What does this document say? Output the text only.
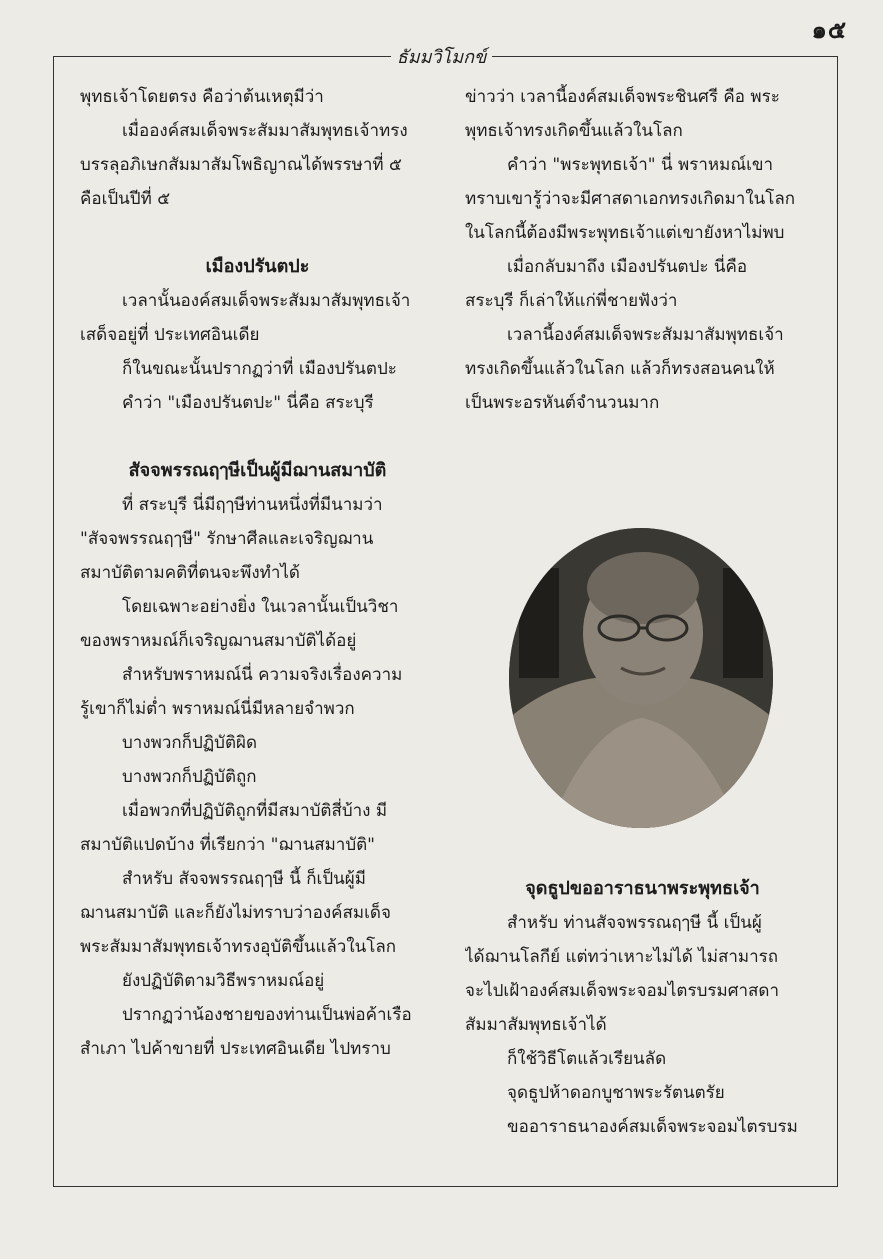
๑๕
ธัมมวิโมกข์
พุทธเจ้าโดยตรง คือว่าต้นเหตุมีว่า
เมื่อองค์สมเด็จพระสัมมาสัมพุทธเจ้าทรง
บรรลุอภิเษกสัมมาสัมโพธิญาณได้พรรษาที่ ๕
คือเป็นปีที่ ๕
เมืองปรันตปะ
เวลานั้นองค์สมเด็จพระสัมมาสัมพุทธเจ้า
เสด็จอยู่ที่ ประเทศอินเดีย
ก็ในขณะนั้นปรากฏว่าที่ เมืองปรันตปะ
คำว่า "เมืองปรันตปะ" นี่คือ สระบุรี
สัจจพรรณฤๅษีเป็นผู้มีฌานสมาบัติ
ที่ สระบุรี นี่มีฤๅษีท่านหนึ่งที่มีนามว่า
"สัจจพรรณฤๅษี" รักษาศีลและเจริญฌาน
สมาบัติตามคติที่ตนจะพึงทำได้
โดยเฉพาะอย่างยิ่ง ในเวลานั้นเป็นวิชา
ของพราหมณ์ก็เจริญฌานสมาบัติได้อยู่
สำหรับพราหมณ์นี่ ความจริงเรื่องความ
รู้เขาก็ไม่ต่ำ พราหมณ์นี่มีหลายจำพวก
บางพวกก็ปฏิบัติผิด
บางพวกก็ปฏิบัติถูก
เมื่อพวกที่ปฏิบัติถูกที่มีสมาบัติสี่บ้าง มี
สมาบัติแปดบ้าง ที่เรียกว่า "ฌานสมาบัติ"
สำหรับ สัจจพรรณฤๅษี นี้ ก็เป็นผู้มี
ฌานสมาบัติ และก็ยังไม่ทราบว่าองค์สมเด็จ
พระสัมมาสัมพุทธเจ้าทรงอุบัติขึ้นแล้วในโลก
ยังปฏิบัติตามวิธีพราหมณ์อยู่
ปรากฏว่าน้องชายของท่านเป็นพ่อค้าเรือ
สำเภา ไปค้าขายที่ ประเทศอินเดีย ไปทราบ
ข่าวว่า เวลานี้องค์สมเด็จพระชินศรี คือ พระ
พุทธเจ้าทรงเกิดขึ้นแล้วในโลก
คำว่า "พระพุทธเจ้า" นี่ พราหมณ์เขา
ทราบเขารู้ว่าจะมีศาสดาเอกทรงเกิดมาในโลก
ในโลกนี้ต้องมีพระพุทธเจ้าแต่เขายังหาไม่พบ
เมื่อกลับมาถึง เมืองปรันตปะ นี่คือ
สระบุรี ก็เล่าให้แก่พี่ชายฟังว่า
เวลานี้องค์สมเด็จพระสัมมาสัมพุทธเจ้า
ทรงเกิดขึ้นแล้วในโลก แล้วก็ทรงสอนคนให้
เป็นพระอรหันต์จำนวนมาก
จุดธูปขออาราธนาพระพุทธเจ้า
สำหรับ ท่านสัจจพรรณฤๅษี นี้ เป็นผู้
ได้ฌานโลกีย์ แต่ทว่าเหาะไม่ได้ ไม่สามารถ
จะไปเฝ้าองค์สมเด็จพระจอมไตรบรมศาสดา
สัมมาสัมพุทธเจ้าได้
ก็ใช้วิธีโตแล้วเรียนลัด
จุดธูปห้าดอกบูชาพระรัตนตรัย
ขออาราธนาองค์สมเด็จพระจอมไตรบรม
